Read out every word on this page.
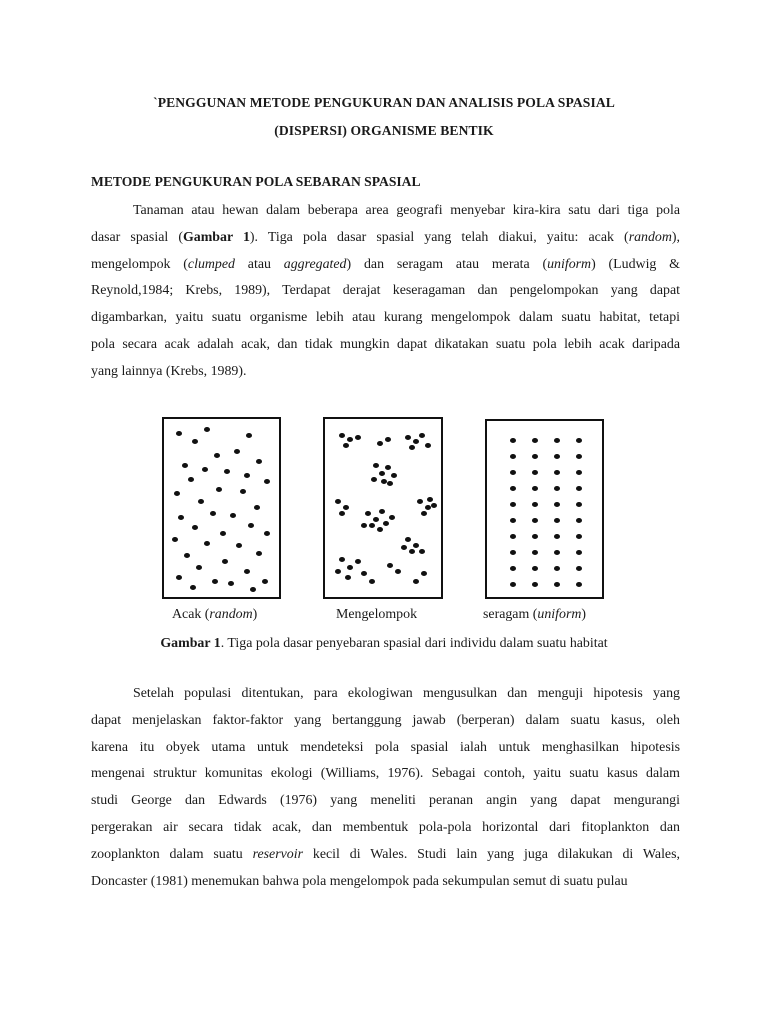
`PENGGUNAN METODE PENGUKURAN DAN ANALISIS POLA SPASIAL
(DISPERSI) ORGANISME BENTIK
METODE PENGUKURAN POLA SEBARAN SPASIAL
Tanaman atau hewan dalam beberapa area geografi menyebar kira-kira satu dari tiga pola
dasar spasial (Gambar 1). Tiga pola dasar spasial yang telah diakui, yaitu: acak (random),
mengelompok (clumped atau aggregated) dan seragam atau merata (uniform) (Ludwig &
Reynold,1984; Krebs, 1989), Terdapat derajat keseragaman dan pengelompokan yang dapat
digambarkan, yaitu suatu organisme lebih atau kurang mengelompok dalam suatu habitat, tetapi
pola secara acak adalah acak, dan tidak mungkin dapat dikatakan suatu pola lebih acak daripada
yang lainnya (Krebs, 1989).
Acak (random)	Mengelompok	seragam (uniform)
Gambar 1. Tiga pola dasar penyebaran spasial dari individu dalam suatu habitat
Setelah populasi ditentukan, para ekologiwan mengusulkan dan menguji hipotesis yang
dapat menjelaskan faktor-faktor yang bertanggung jawab (berperan) dalam suatu kasus, oleh
karena itu obyek utama untuk mendeteksi pola spasial ialah untuk menghasilkan hipotesis
mengenai struktur komunitas ekologi (Williams, 1976). Sebagai contoh, yaitu suatu kasus dalam
studi George dan Edwards (1976) yang meneliti peranan angin yang dapat mengurangi
pergerakan air secara tidak acak, dan membentuk pola-pola horizontal dari fitoplankton dan
zooplankton dalam suatu reservoir kecil di Wales. Studi lain yang juga dilakukan di Wales,
Doncaster (1981) menemukan bahwa pola mengelompok pada sekumpulan semut di suatu pulau
